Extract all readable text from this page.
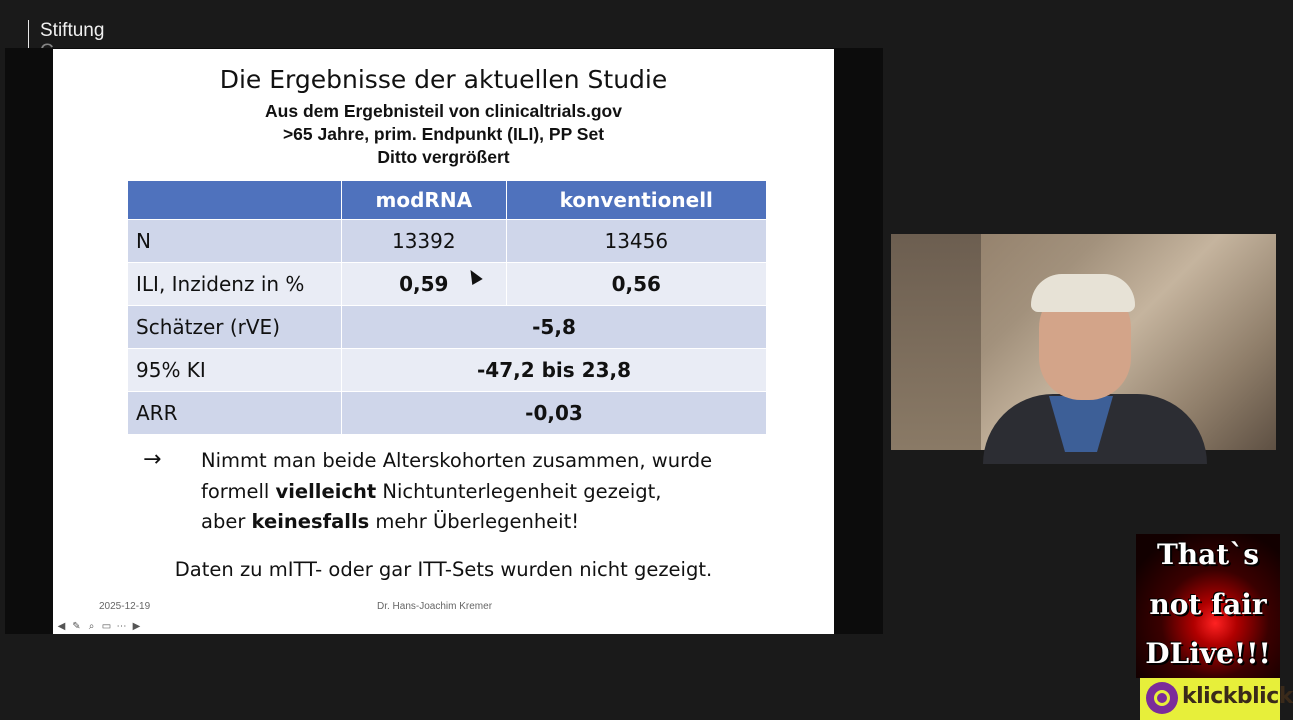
Stiftung
Die Ergebnisse der aktuellen Studie
Aus dem Ergebnisteil von clinicaltrials.gov
>65 Jahre, prim. Endpunkt (ILI), PP Set
Ditto vergrößert
	modRNA	konventionell
N	13392	13456
ILI, Inzidenz in %	0,59	0,56
Schätzer (rVE)	-5,8	
95% KI	-47,2 bis 23,8	
ARR	-0,03	
→ Nimmt man beide Alterskohorten zusammen, wurde
formell vielleicht Nichtunterlegenheit gezeigt,
aber keinesfalls mehr Überlegenheit!
Daten zu mITT- oder gar ITT-Sets wurden nicht gezeigt.
2025-12-19	Dr. Hans-Joachim Kremer
◀ ✎ ⌕ ▭ ⋯ ▶
That`s
not fair
DLive!!!
klickblick
